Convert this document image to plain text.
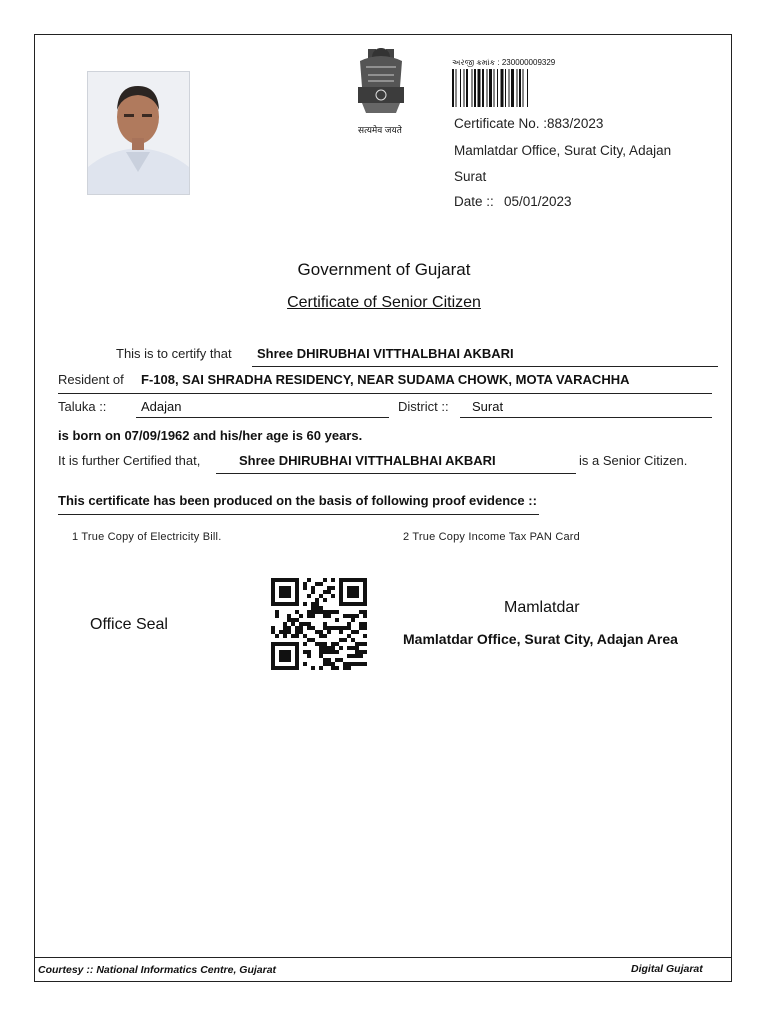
सत्यमेव जयते
અરજી ક્રમાંક : 230000009329
Certificate No. :883/2023
Mamlatdar Office, Surat City, Adajan
Surat
Date :: 05/01/2023
Government of Gujarat
Certificate of Senior Citizen
This is to certify that Shree DHIRUBHAI VITTHALBHAI AKBARI
Resident of F-108, SAI SHRADHA RESIDENCY, NEAR SUDAMA CHOWK, MOTA VARACHHA
Taluka ::	Adajan	District :: Surat
is born on 07/09/1962 and his/her age is 60 years.
It is further Certified that,	Shree DHIRUBHAI VITTHALBHAI AKBARI	is a Senior Citizen.
This certificate has been produced on the basis of following proof evidence ::
1 True Copy of Electricity Bill.	2 True Copy Income Tax PAN Card
Office Seal
Mamlatdar
Mamlatdar Office, Surat City, Adajan Area
Courtesy :: National Informatics Centre, Gujarat	Digital Gujarat
